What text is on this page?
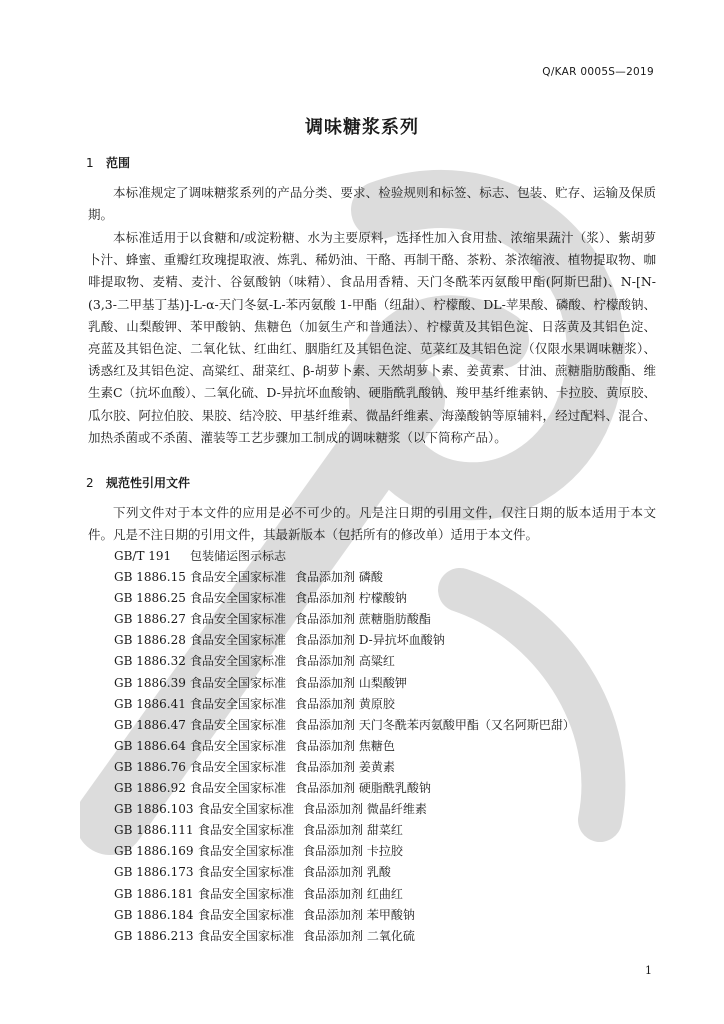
Q/KAR 0005S—2019
调味糖浆系列
1 范围

本标准规定了调味糖浆系列的产品分类、要求、检验规则和标签、标志、包装、贮存、运输及保质期。

本标准适用于以食糖和/或淀粉糖、水为主要原料，选择性加入食用盐、浓缩果蔬汁（浆）、紫胡萝卜汁、蜂蜜、重瓣红玫瑰提取液、炼乳、稀奶油、干酪、再制干酪、茶粉、茶浓缩液、植物提取物、咖啡提取物、麦精、麦汁、谷氨酸钠（味精）、食品用香精、天门冬酰苯丙氨酸甲酯(阿斯巴甜)、N-[N-(3,3-二甲基丁基)]-L-α-天门冬氨-L-苯丙氨酸 1-甲酯（纽甜）、柠檬酸、DL-苹果酸、磷酸、柠檬酸钠、乳酸、山梨酸钾、苯甲酸钠、焦糖色（加氨生产和普通法）、柠檬黄及其铝色淀、日落黄及其铝色淀、亮蓝及其铝色淀、二氧化钛、红曲红、胭脂红及其铝色淀、苋菜红及其铝色淀（仅限水果调味糖浆）、诱惑红及其铝色淀、高粱红、甜菜红、β-胡萝卜素、天然胡萝卜素、姜黄素、甘油、蔗糖脂肪酸酯、维生素C（抗坏血酸）、二氧化硫、D-异抗坏血酸钠、硬脂酰乳酸钠、羧甲基纤维素钠、卡拉胶、黄原胶、瓜尔胶、阿拉伯胶、果胶、结冷胶、甲基纤维素、微晶纤维素、海藻酸钠等原辅料，经过配料、混合、加热杀菌或不杀菌、灌装等工艺步骤加工制成的调味糖浆（以下简称产品）。

2 规范性引用文件

下列文件对于本文件的应用是必不可少的。凡是注日期的引用文件，仅注日期的版本适用于本文件。凡是不注日期的引用文件，其最新版本（包括所有的修改单）适用于本文件。

GB/T 191 包装储运图示标志
GB 1886.15 食品安全国家标准 食品添加剂 磷酸
GB 1886.25 食品安全国家标准 食品添加剂 柠檬酸钠
GB 1886.27 食品安全国家标准 食品添加剂 蔗糖脂肪酸酯
GB 1886.28 食品安全国家标准 食品添加剂 D-异抗坏血酸钠
GB 1886.32 食品安全国家标准 食品添加剂 高粱红
GB 1886.39 食品安全国家标准 食品添加剂 山梨酸钾
GB 1886.41 食品安全国家标准 食品添加剂 黄原胶
GB 1886.47 食品安全国家标准 食品添加剂 天门冬酰苯丙氨酸甲酯（又名阿斯巴甜）
GB 1886.64 食品安全国家标准 食品添加剂 焦糖色
GB 1886.76 食品安全国家标准 食品添加剂 姜黄素
GB 1886.92 食品安全国家标准 食品添加剂 硬脂酰乳酸钠
GB 1886.103 食品安全国家标准 食品添加剂 微晶纤维素
GB 1886.111 食品安全国家标准 食品添加剂 甜菜红
GB 1886.169 食品安全国家标准 食品添加剂 卡拉胶
GB 1886.173 食品安全国家标准 食品添加剂 乳酸
GB 1886.181 食品安全国家标准 食品添加剂 红曲红
GB 1886.184 食品安全国家标准 食品添加剂 苯甲酸钠
GB 1886.213 食品安全国家标准 食品添加剂 二氧化硫
1
